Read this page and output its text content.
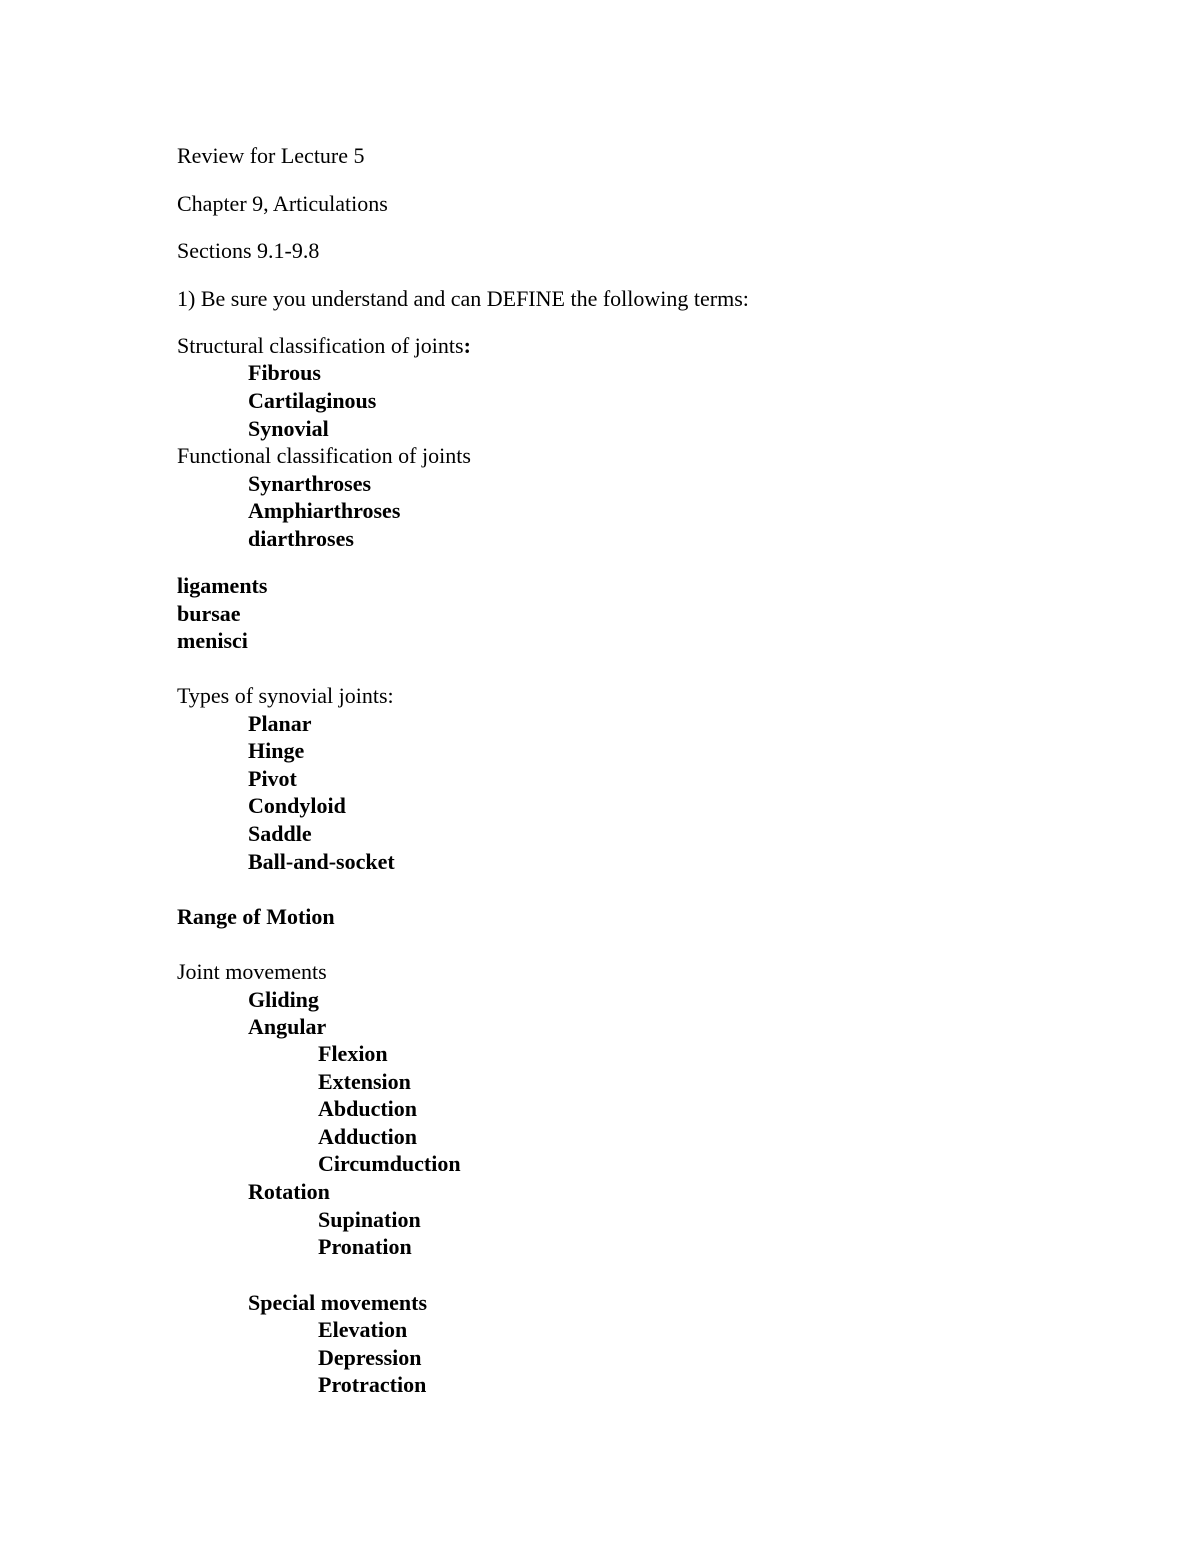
Review for Lecture 5
Chapter 9, Articulations
Sections 9.1-9.8
1) Be sure you understand and can DEFINE the following terms:
Structural classification of joints:
Fibrous
Cartilaginous
Synovial
Functional classification of joints
Synarthroses
Amphiarthroses
diarthroses
ligaments
bursae
menisci
Types of synovial joints:
Planar
Hinge
Pivot
Condyloid
Saddle
Ball-and-socket
Range of Motion
Joint movements
Gliding
Angular
Flexion
Extension
Abduction
Adduction
Circumduction
Rotation
Supination
Pronation
Special movements
Elevation
Depression
Protraction
